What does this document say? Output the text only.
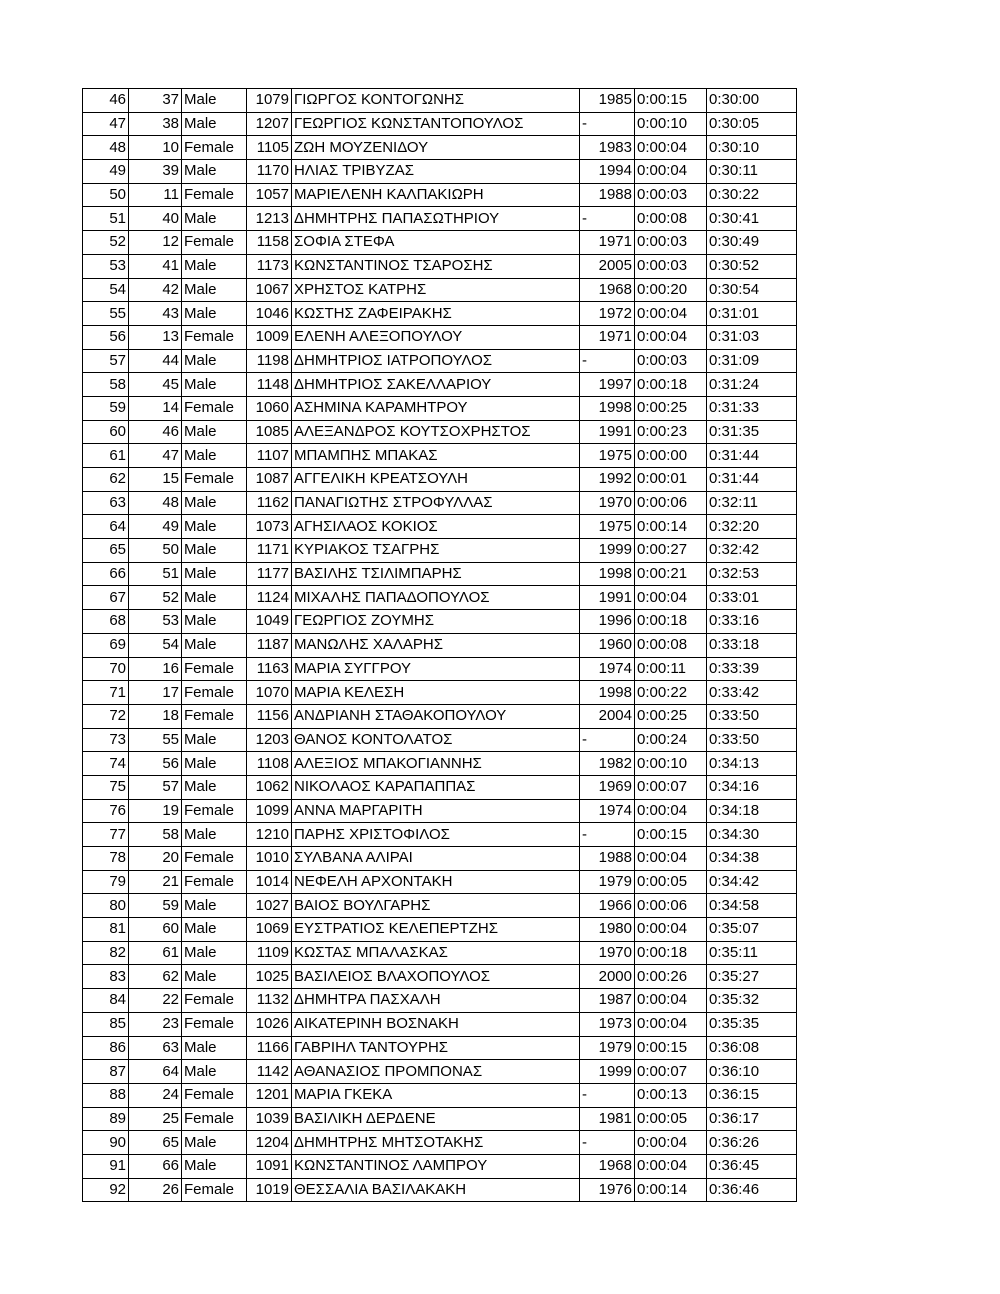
46	37	Male	1079	ΓΙΩΡΓΟΣ ΚΟΝΤΟΓΩΝΗΣ	1985	0:00:15	0:30:00
47	38	Male	1207	ΓΕΩΡΓΙΟΣ ΚΩΝΣΤΑΝΤΟΠΟΥΛΟΣ	-	0:00:10	0:30:05
48	10	Female	1105	ΖΩΗ ΜΟΥΖΕΝΙΔΟΥ	1983	0:00:04	0:30:10
49	39	Male	1170	ΗΛΙΑΣ ΤΡΙΒΥΖΑΣ	1994	0:00:04	0:30:11
50	11	Female	1057	ΜΑΡΙΕΛΕΝΗ ΚΑΛΠΑΚΙΩΡΗ	1988	0:00:03	0:30:22
51	40	Male	1213	ΔΗΜΗΤΡΗΣ ΠΑΠΑΣΩΤΗΡΙΟΥ	-	0:00:08	0:30:41
52	12	Female	1158	ΣΟΦΙΑ ΣΤΕΦΑ	1971	0:00:03	0:30:49
53	41	Male	1173	ΚΩΝΣΤΑΝΤΙΝΟΣ ΤΣΑΡΟΣΗΣ	2005	0:00:03	0:30:52
54	42	Male	1067	ΧΡΗΣΤΟΣ ΚΑΤΡΗΣ	1968	0:00:20	0:30:54
55	43	Male	1046	ΚΩΣΤΗΣ ΖΑΦΕΙΡΑΚΗΣ	1972	0:00:04	0:31:01
56	13	Female	1009	ΕΛΕΝΗ ΑΛΕΞΟΠΟΥΛΟΥ	1971	0:00:04	0:31:03
57	44	Male	1198	ΔΗΜΗΤΡΙΟΣ ΙΑΤΡΟΠΟΥΛΟΣ	-	0:00:03	0:31:09
58	45	Male	1148	ΔΗΜΗΤΡΙΟΣ ΣΑΚΕΛΛΑΡΙΟΥ	1997	0:00:18	0:31:24
59	14	Female	1060	ΑΣΗΜΙΝΑ ΚΑΡΑΜΗΤΡΟΥ	1998	0:00:25	0:31:33
60	46	Male	1085	ΑΛΕΞΑΝΔΡΟΣ ΚΟΥΤΣΟΧΡΗΣΤΟΣ	1991	0:00:23	0:31:35
61	47	Male	1107	ΜΠΑΜΠΗΣ ΜΠΑΚΑΣ	1975	0:00:00	0:31:44
62	15	Female	1087	ΑΓΓΕΛΙΚΗ ΚΡΕΑΤΣΟΥΛΗ	1992	0:00:01	0:31:44
63	48	Male	1162	ΠΑΝΑΓΙΩΤΗΣ ΣΤΡΟΦΥΛΛΑΣ	1970	0:00:06	0:32:11
64	49	Male	1073	ΑΓΗΣΙΛΑΟΣ ΚΟΚΙΟΣ	1975	0:00:14	0:32:20
65	50	Male	1171	ΚΥΡΙΑΚΟΣ ΤΣΑΓΡΗΣ	1999	0:00:27	0:32:42
66	51	Male	1177	ΒΑΣΙΛΗΣ ΤΣΙΛΙΜΠΑΡΗΣ	1998	0:00:21	0:32:53
67	52	Male	1124	ΜΙΧΑΛΗΣ ΠΑΠΑΔΟΠΟΥΛΟΣ	1991	0:00:04	0:33:01
68	53	Male	1049	ΓΕΩΡΓΙΟΣ ΖΟΥΜΗΣ	1996	0:00:18	0:33:16
69	54	Male	1187	ΜΑΝΩΛΗΣ ΧΑΛΑΡΗΣ	1960	0:00:08	0:33:18
70	16	Female	1163	ΜΑΡΙΑ ΣΥΓΓΡΟΥ	1974	0:00:11	0:33:39
71	17	Female	1070	ΜΑΡΙΑ ΚΕΛΕΣΗ	1998	0:00:22	0:33:42
72	18	Female	1156	ΑΝΔΡΙΑΝΗ ΣΤΑΘΑΚΟΠΟΥΛΟΥ	2004	0:00:25	0:33:50
73	55	Male	1203	ΘΑΝΟΣ ΚΟΝΤΟΛΑΤΟΣ	-	0:00:24	0:33:50
74	56	Male	1108	ΑΛΕΞΙΟΣ ΜΠΑΚΟΓΙΑΝΝΗΣ	1982	0:00:10	0:34:13
75	57	Male	1062	ΝΙΚΟΛΑΟΣ ΚΑΡΑΠΑΠΠΑΣ	1969	0:00:07	0:34:16
76	19	Female	1099	ΑΝΝΑ ΜΑΡΓΑΡΙΤΗ	1974	0:00:04	0:34:18
77	58	Male	1210	ΠΑΡΗΣ ΧΡΙΣΤΟΦΙΛΟΣ	-	0:00:15	0:34:30
78	20	Female	1010	ΣΥΛΒΑΝΑ ΑΛΙΡΑΙ	1988	0:00:04	0:34:38
79	21	Female	1014	ΝΕΦΕΛΗ ΑΡΧΟΝΤΑΚΗ	1979	0:00:05	0:34:42
80	59	Male	1027	ΒΑΙΟΣ ΒΟΥΛΓΑΡΗΣ	1966	0:00:06	0:34:58
81	60	Male	1069	ΕΥΣΤΡΑΤΙΟΣ ΚΕΛΕΠΕΡΤΖΗΣ	1980	0:00:04	0:35:07
82	61	Male	1109	ΚΩΣΤΑΣ ΜΠΑΛΑΣΚΑΣ	1970	0:00:18	0:35:11
83	62	Male	1025	ΒΑΣΙΛΕΙΟΣ ΒΛΑΧΟΠΟΥΛΟΣ	2000	0:00:26	0:35:27
84	22	Female	1132	ΔΗΜΗΤΡΑ ΠΑΣΧΑΛΗ	1987	0:00:04	0:35:32
85	23	Female	1026	ΑΙΚΑΤΕΡΙΝΗ ΒΟΣΝΑΚΗ	1973	0:00:04	0:35:35
86	63	Male	1166	ΓΑΒΡΙΗΛ ΤΑΝΤΟΥΡΗΣ	1979	0:00:15	0:36:08
87	64	Male	1142	ΑΘΑΝΑΣΙΟΣ ΠΡΟΜΠΟΝΑΣ	1999	0:00:07	0:36:10
88	24	Female	1201	ΜΑΡΙΑ ΓΚΕΚΑ	-	0:00:13	0:36:15
89	25	Female	1039	ΒΑΣΙΛΙΚΗ ΔΕΡΔΕΝΕ	1981	0:00:05	0:36:17
90	65	Male	1204	ΔΗΜΗΤΡΗΣ ΜΗΤΣΟΤΑΚΗΣ	-	0:00:04	0:36:26
91	66	Male	1091	ΚΩΝΣΤΑΝΤΙΝΟΣ ΛΑΜΠΡΟΥ	1968	0:00:04	0:36:45
92	26	Female	1019	ΘΕΣΣΑΛΙΑ ΒΑΣΙΛΑΚΑΚΗ	1976	0:00:14	0:36:46
